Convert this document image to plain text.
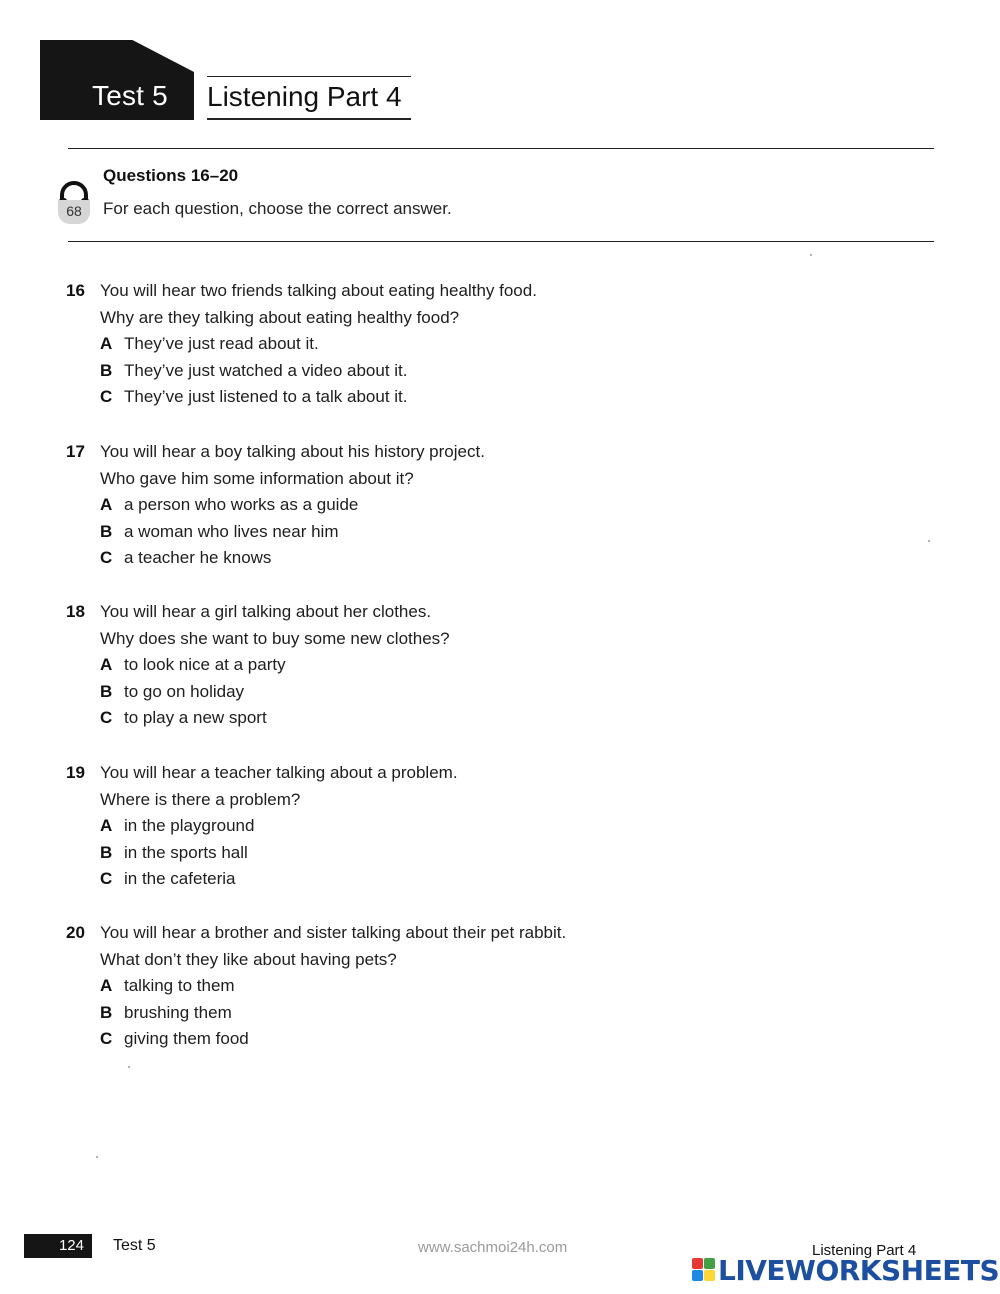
Test 5 Listening Part 4
68
Questions 16–20
For each question, choose the correct answer.
16 You will hear two friends talking about eating healthy food.
Why are they talking about eating healthy food?
A They’ve just read about it.
B They’ve just watched a video about it.
C They’ve just listened to a talk about it.
17 You will hear a boy talking about his history project.
Who gave him some information about it?
A a person who works as a guide
B a woman who lives near him
C a teacher he knows
18 You will hear a girl talking about her clothes.
Why does she want to buy some new clothes?
A to look nice at a party
B to go on holiday
C to play a new sport
19 You will hear a teacher talking about a problem.
Where is there a problem?
A in the playground
B in the sports hall
C in the cafeteria
20 You will hear a brother and sister talking about their pet rabbit.
What don’t they like about having pets?
A talking to them
B brushing them
C giving them food
124	Test 5	www.sachmoi24h.com	Listening Part 4
LIVEWORKSHEETS
